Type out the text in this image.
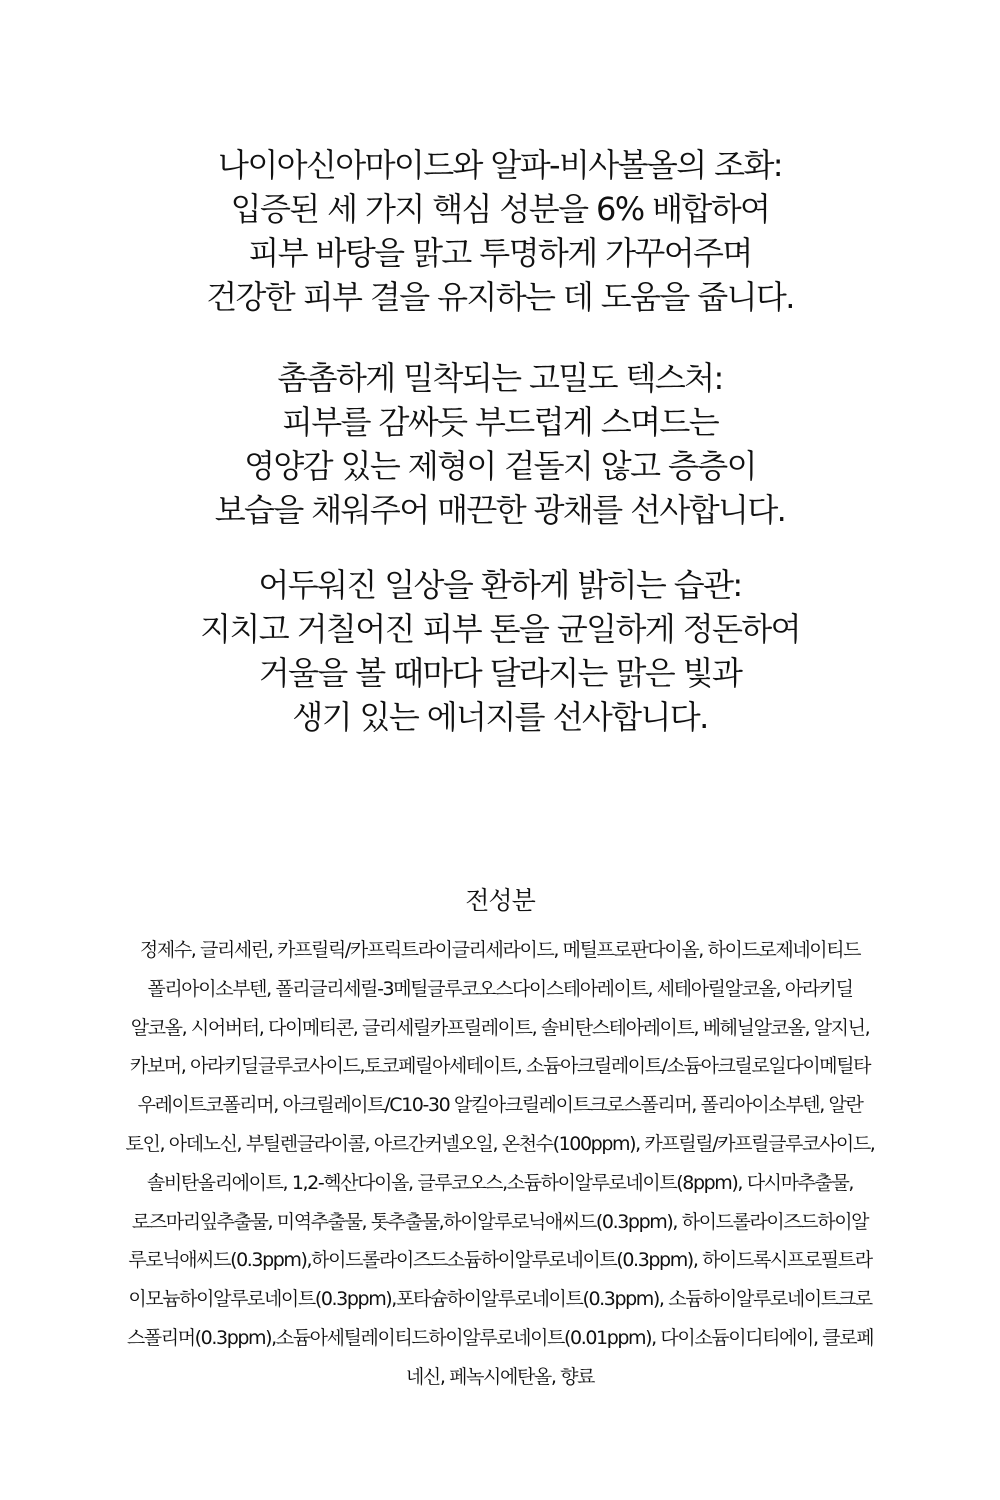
나이아신아마이드와 알파-비사볼올의 조화:
입증된 세 가지 핵심 성분을 6% 배합하여
피부 바탕을 맑고 투명하게 가꾸어주며
건강한 피부 결을 유지하는 데 도움을 줍니다.
촘촘하게 밀착되는 고밀도 텍스처:
피부를 감싸듯 부드럽게 스며드는
영양감 있는 제형이 겉돌지 않고 층층이
보습을 채워주어 매끈한 광채를 선사합니다.
어두워진 일상을 환하게 밝히는 습관:
지치고 거칠어진 피부 톤을 균일하게 정돈하여
거울을 볼 때마다 달라지는 맑은 빛과
생기 있는 에너지를 선사합니다.
전성분
정제수, 글리세린, 카프릴릭/카프릭트라이글리세라이드, 메틸프로판다이올, 하이드로제네이티드
폴리아이소부텐, 폴리글리세릴-3메틸글루코오스다이스테아레이트, 세테아릴알코올, 아라키딜
알코올, 시어버터, 다이메티콘, 글리세릴카프릴레이트, 솔비탄스테아레이트, 베헤닐알코올, 알지닌,
카보머, 아라키딜글루코사이드,토코페릴아세테이트, 소듐아크릴레이트/소듐아크릴로일다이메틸타
우레이트코폴리머, 아크릴레이트/C10-30 알킬아크릴레이트크로스폴리머, 폴리아이소부텐, 알란
토인, 아데노신, 부틸렌글라이콜, 아르간커넬오일, 온천수(100ppm), 카프릴릴/카프릴글루코사이드,
솔비탄올리에이트, 1,2-헥산다이올, 글루코오스,소듐하이알루로네이트(8ppm), 다시마추출물,
로즈마리잎추출물, 미역추출물, 톳추출물,하이알루로닉애씨드(0.3ppm), 하이드롤라이즈드하이알
루로닉애씨드(0.3ppm),하이드롤라이즈드소듐하이알루로네이트(0.3ppm), 하이드록시프로필트라
이모늄하이알루로네이트(0.3ppm),포타슘하이알루로네이트(0.3ppm), 소듐하이알루로네이트크로
스폴리머(0.3ppm),소듐아세틸레이티드하이알루로네이트(0.01ppm), 다이소듐이디티에이, 클로페
네신, 페녹시에탄올, 향료
